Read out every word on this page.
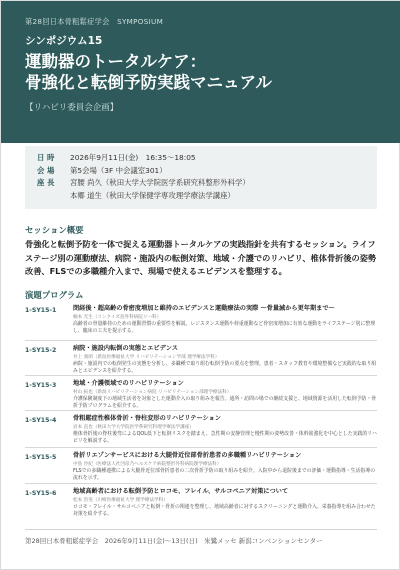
第28回日本骨粗鬆症学会　SYMPOSIUM
シンポジウム15
運動器のトータルケア：
骨強化と転倒予防実践マニュアル
【リハビリ委員会企画】
日 時	2026年9月11日(金)　16:35～18:05
会 場	第5会場（3F 中会議室301）
座 長	宮腰 尚久（秋田大学大学院医学系研究科整形外科学）
本郷 道生（秋田大学保健学専攻理学療法学講座）
セッション概要
骨強化と転倒予防を一体で捉える運動器トータルケアの実践指針を共有するセッション。ライフステージ別の運動療法、病院・施設内の転倒対策、地域・介護でのリハビリ、椎体骨折後の姿勢改善、FLSでの多職種介入まで、現場で使えるエビデンスを整理する。
演題プログラム
1-SY15-1	閉経後・超高齢の骨密度増加と維持のエビデンスと運動療法の実際 ～骨量減から更年期まで～
楠本 光生（リンクイズ島外科病院リハ科）
高齢者の骨量維持のための運動習慣の重要性を解説。レジスタンス運動や荷重運動など骨密度増加に有効な運動をライフステージ別に整理し、臨床の工夫を提示する。
1-SY15-2	病院・施設内転倒の実態とエビデンス
井上 義朗（新潟医療福祉大学 リハビリテーション学部 理学療法学科）
病院・施設内での転倒発生の実態を分析し、多職種で取り組む転倒予防の要点を整理。患者・スタッフ教育や環境整備など実践的な取り組みとエビデンスを紹介する。
1-SY15-3	地域・介護領域でのリハビリテーション
村山 拓也（新潟リハビリテーション病院 リハビリテーション部理学療法科）
介護保険制度下の地域生活者を対象とした運動介入の取り組みを報告。通所・訪問の場での継続支援と、地域資源を活用した転倒予防・骨折予防プログラムを紹介する。
1-SY15-4	骨粗鬆症性椎体骨折・脊柱変形のリハビリテーション
岩本 直也（秋田大学大学院医学系研究科理学療法学講座）
椎体骨折後の脊柱後弯によるQOL低下と転倒リスクを踏まえ、急性期の安静管理と慢性期の姿勢改善・体幹筋強化を中心とした実践的リハビリを解説する。
1-SY15-5	骨折リエゾンサービスにおける大腿骨近位部骨折患者の多職種リハビリテーション
中島 沙紀（医療法人社団彦乃ヘルスケア病院整形外科病院理学療法科）
FLSでの多職種連携による大腿骨近位部骨折患者の二次骨折予防の取り組みを紹介。入院中から退院後までの評価・運動指導・生活指導の流れを示す。
1-SY15-6	地域高齢者における転倒予防とロコモ、フレイル、サルコペニア対策について
松本 浩実（川崎医療福祉大学 理学療法学科）
ロコモ・フレイル・サルコペニアと転倒・骨折の関連を整理し、地域高齢者に対するスクリーニングと運動介入、栄養指導を組み合わせた対策を紹介する。
第28回日本骨粗鬆症学会　2026年9月11日(金)～13日(日)　朱鷺メッセ 新潟コンベンションセンター
